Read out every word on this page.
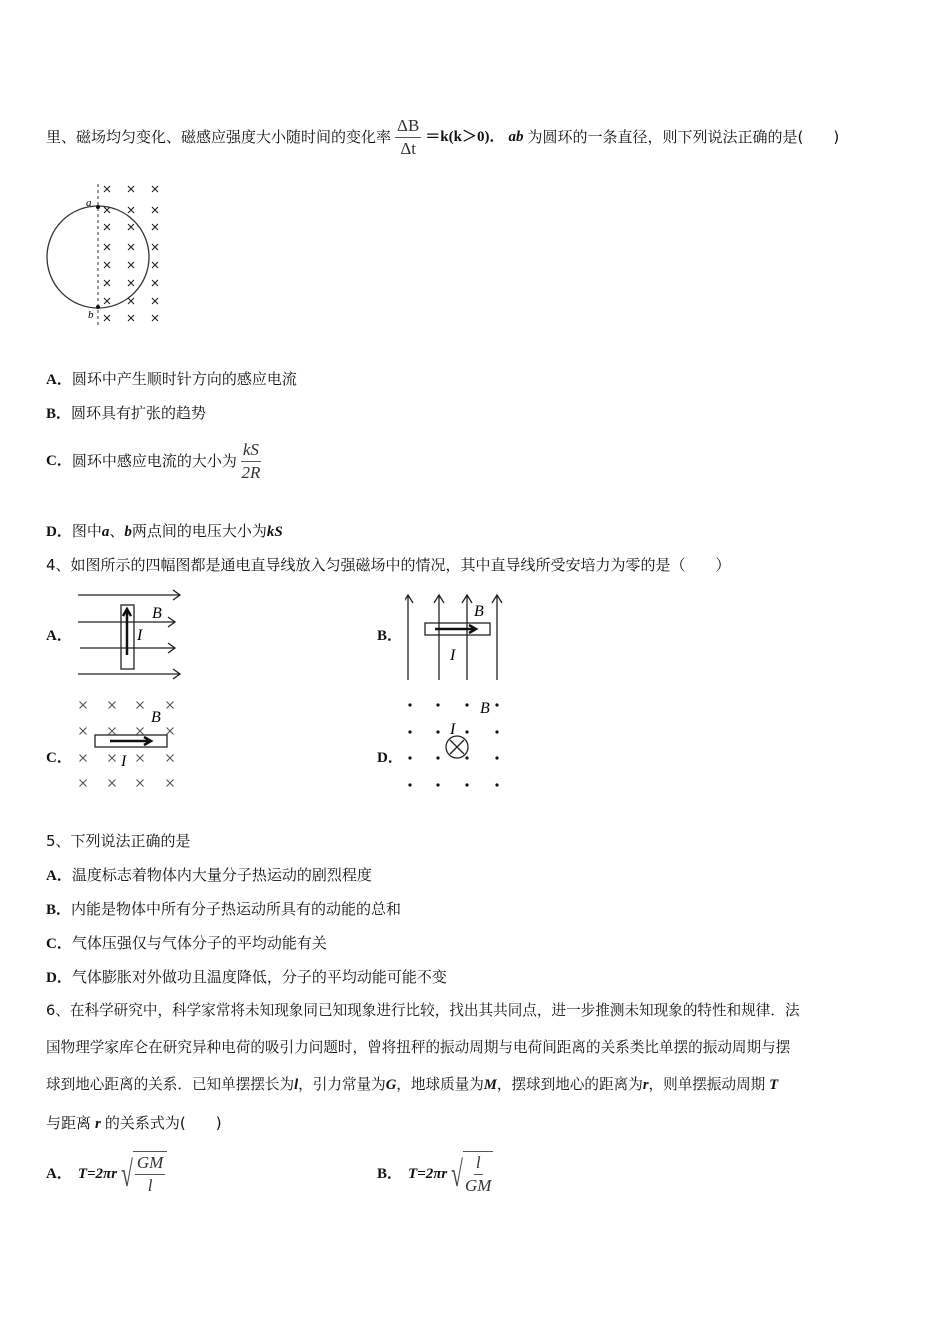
里、磁场均匀变化、磁感应强度大小随时间的变化率 $\frac{\Delta B}{\Delta t} =k(k>0)$． ab 为圆环的一条直径，则下列说法正确的是(　　)
a
b
A．圆环中产生顺时针方向的感应电流
B．圆环具有扩张的趋势
C． 圆环中感应电流的大小为 $\frac{kS}{2R}$
D．图中a、b两点间的电压大小为kS
4、如图所示的四幅图都是通电直导线放入匀强磁场中的情况，其中直导线所受安培力为零的是（　　）
A．	B．
C．	D．
B
I
B
I
B
I
B
I
5、下列说法正确的是
A．温度标志着物体内大量分子热运动的剧烈程度
B．内能是物体中所有分子热运动所具有的动能的总和
C．气体压强仅与气体分子的平均动能有关
D．气体膨胀对外做功且温度降低，分子的平均动能可能不变
6、在科学研究中，科学家常将未知现象同已知现象进行比较，找出其共同点，进一步推测未知现象的特性和规律．法
国物理学家库仑在研究异种电荷的吸引力问题时，曾将扭秤的振动周期与电荷间距离的关系类比单摆的振动周期与摆
球到地心距离的关系．已知单摆摆长为l，引力常量为G，地球质量为M，摆球到地心的距离为r，则单摆振动周期 T
与距离 r 的关系式为(　　)
A． T=2πr √ $\frac{GM}{l}$	B． T=2πr √ $\frac{l}{GM}$
